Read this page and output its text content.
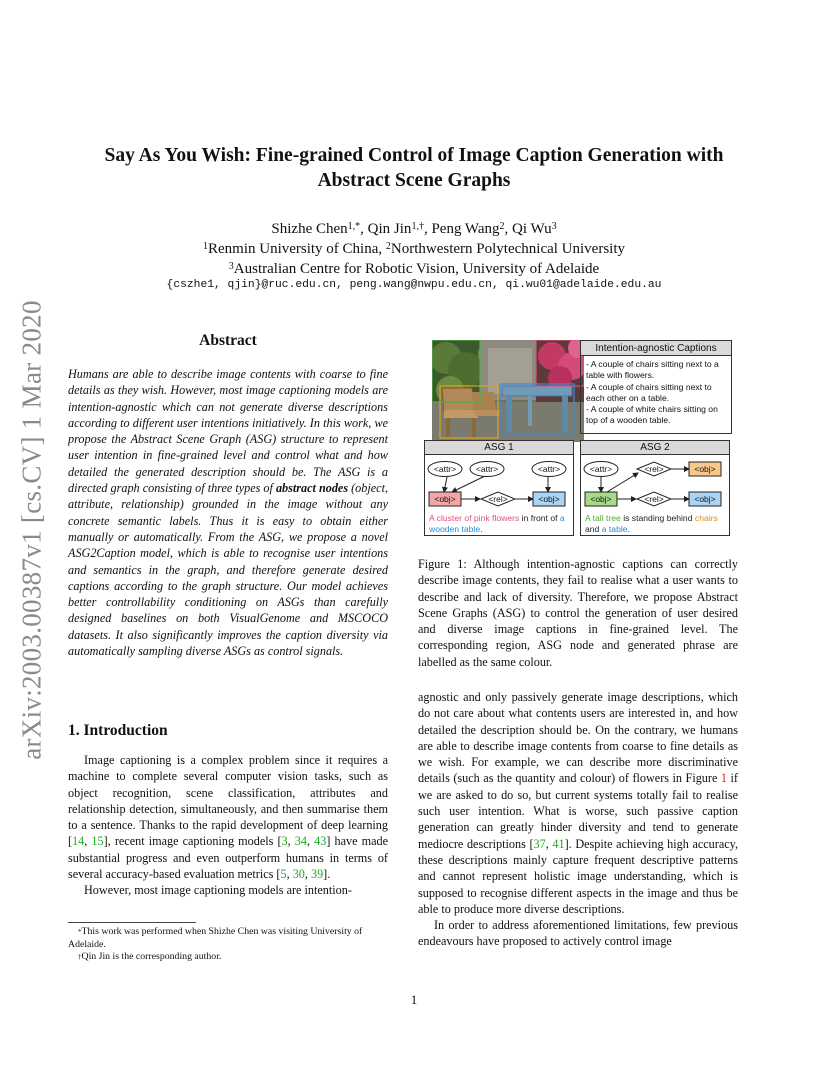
arXiv:2003.00387v1 [cs.CV] 1 Mar 2020
Say As You Wish: Fine-grained Control of Image Caption Generation with
Abstract Scene Graphs
Shizhe Chen$^{1,*}$, Qin Jin$^{1,\dagger}$, Peng Wang$^2$, Qi Wu$^3$
$^1$Renmin University of China, $^2$Northwestern Polytechnical University
$^3$Australian Centre for Robotic Vision, University of Adelaide
{cszhe1, qjin}@ruc.edu.cn, peng.wang@nwpu.edu.cn, qi.wu01@adelaide.edu.au
Abstract
Humans are able to describe image contents with coarse to fine details as they wish. However, most image captioning models are intention-agnostic which can not generate diverse descriptions according to different user intentions initiatively. In this work, we propose the Abstract Scene Graph (ASG) structure to represent user intention in fine-grained level and control what and how detailed the generated description should be. The ASG is a directed graph consisting of three types of abstract nodes (object, attribute, relationship) grounded in the image without any concrete semantic labels. Thus it is easy to obtain either manually or automatically. From the ASG, we propose a novel ASG2Caption model, which is able to recognise user intentions and semantics in the graph, and therefore generate desired captions according to the graph structure. Our model achieves better controllability conditioning on ASGs than carefully designed baselines on both VisualGenome and MSCOCO datasets. It also significantly improves the caption diversity via automatically sampling diverse ASGs as control signals.
1. Introduction

Image captioning is a complex problem since it requires a machine to complete several computer vision tasks, such as object recognition, scene classification, attributes and relationship detection, simultaneously, and then summarise them to a sentence. Thanks to the rapid development of deep learning [14, 15], recent image captioning models [3, 34, 43] have made substantial progress and even outperform humans in terms of several accuracy-based evaluation metrics [5, 30, 39].

However, most image captioning models are intention-

*This work was performed when Shizhe Chen was visiting University of Adelaide.

†Qin Jin is the corresponding author.

Intention-agnostic Captions
- A couple of chairs sitting next to a table with flowers.
- A couple of chairs sitting next to each other on a table.
- A couple of white chairs sitting on top of a wooden table.
ASG 1
<attr> <attr>	<attr>
<obj>	<rel>	<obj>
A cluster of pink flowers in front of a wooden table.
ASG 2
<attr>	<rel>	<obj>
<obj>	<rel>	<obj>
A tall tree is standing behind chairs and a table.
Figure 1: Although intention-agnostic captions can correctly describe image contents, they fail to realise what a user wants to describe and lack of diversity. Therefore, we propose Abstract Scene Graphs (ASG) to control the generation of user desired and diverse image captions in fine-grained level. The corresponding region, ASG node and generated phrase are labelled as the same colour.

agnostic and only passively generate image descriptions, which do not care about what contents users are interested in, and how detailed the description should be. On the contrary, we humans are able to describe image contents from coarse to fine details as we wish. For example, we can describe more discriminative details (such as the quantity and colour) of flowers in Figure 1 if we are asked to do so, but current systems totally fail to realise such user intention. What is worse, such passive caption generation can greatly hinder diversity and tend to generate mediocre descriptions [37, 41]. Despite achieving high accuracy, these descriptions mainly capture frequent descriptive patterns and cannot represent holistic image understanding, which is supposed to recognise different aspects in the image and thus be able to produce more diverse descriptions.

In order to address aforementioned limitations, few previous endeavours have proposed to actively control image

1
